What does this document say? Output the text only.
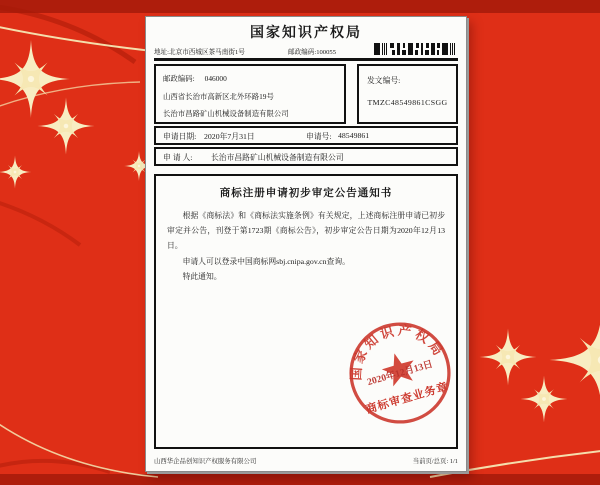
国家知识产权局
地址:北京市西城区茶马南街1号	邮政编码:100055
邮政编码: 046000
山西省长治市高新区北外环路19号
长治市昌路矿山机械设备制造有限公司
发文编号:
TMZC48549861CSGG
申请日期: 2020年7月31日	申请号: 48549861
申 请 人: 长治市昌路矿山机械设备制造有限公司
商标注册申请初步审定公告通知书

根据《商标法》和《商标法实施条例》有关规定，上述商标注册申请已初步审定并公告，刊登于第1723期《商标公告》，初步审定公告日期为2020年12月13日。

申请人可以登录中国商标网sbj.cnipa.gov.cn查询。

特此通知。

国家知识产权局
2020年12月13日
商标审查业务章
山西华企品创知识产权服务有限公司	当前页/总页: 1/1
